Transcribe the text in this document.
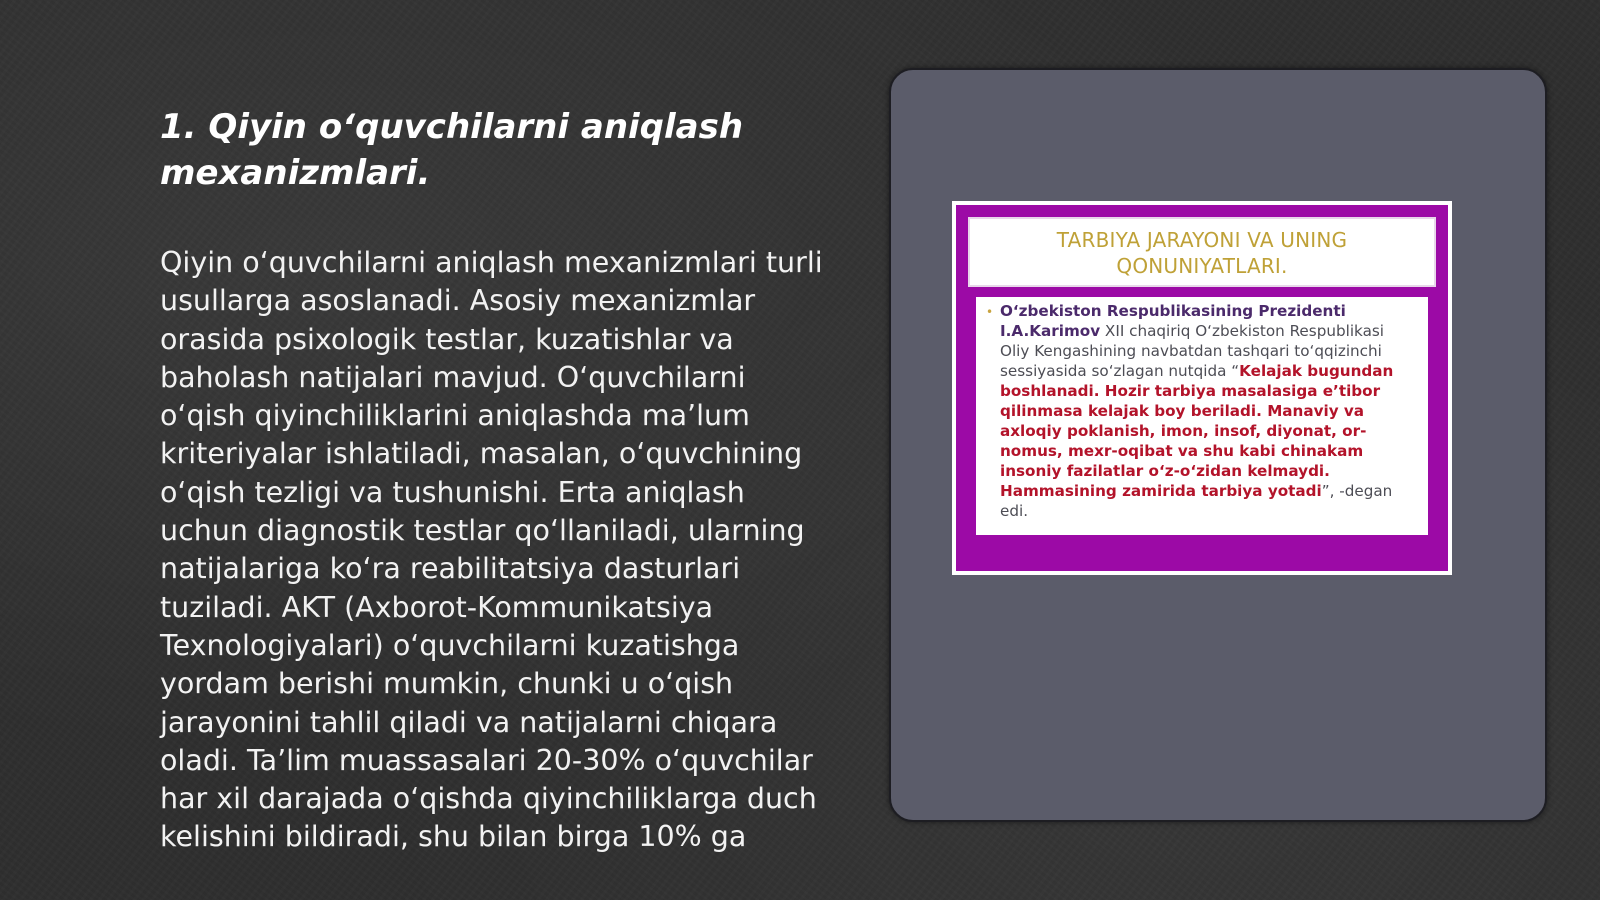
1. Qiyin o‘quvchilarni aniqlash mexanizmlari.

Qiyin o‘quvchilarni aniqlash mexanizmlari turli usullarga asoslanadi. Asosiy mexanizmlar orasida psixologik testlar, kuzatishlar va baholash natijalari mavjud. O‘quvchilarni o‘qish qiyinchiliklarini aniqlashda ma’lum kriteriyalar ishlatiladi, masalan, o‘quvchining o‘qish tezligi va tushunishi. Erta aniqlash uchun diagnostik testlar qo‘llaniladi, ularning natijalariga ko‘ra reabilitatsiya dasturlari tuziladi. AKT (Axborot-Kommunikatsiya Texnologiyalari) o‘quvchilarni kuzatishga yordam berishi mumkin, chunki u o‘qish jarayonini tahlil qiladi va natijalarni chiqara oladi. Ta’lim muassasalari 20-30% o‘quvchilar har xil darajada o‘qishda qiyinchiliklarga duch kelishini bildiradi, shu bilan birga 10% ga

TARBIYA JARAYONI VA UNING
QONUNIYATLARI.
• O‘zbekiston Respublikasining Prezidenti I.A.Karimov XII chaqiriq O‘zbekiston Respublikasi Oliy Kengashining navbatdan tashqari to‘qqizinchi sessiyasida so‘zlagan nutqida “Kelajak bugundan boshlanadi. Hozir tarbiya masalasiga e’tibor qilinmasa kelajak boy beriladi. Manaviy va axloqiy poklanish, imon, insof, diyonat, or-nomus, mexr-oqibat va shu kabi chinakam insoniy fazilatlar o‘z-o‘zidan kelmaydi. Hammasining zamirida tarbiya yotadi”, -degan edi.
